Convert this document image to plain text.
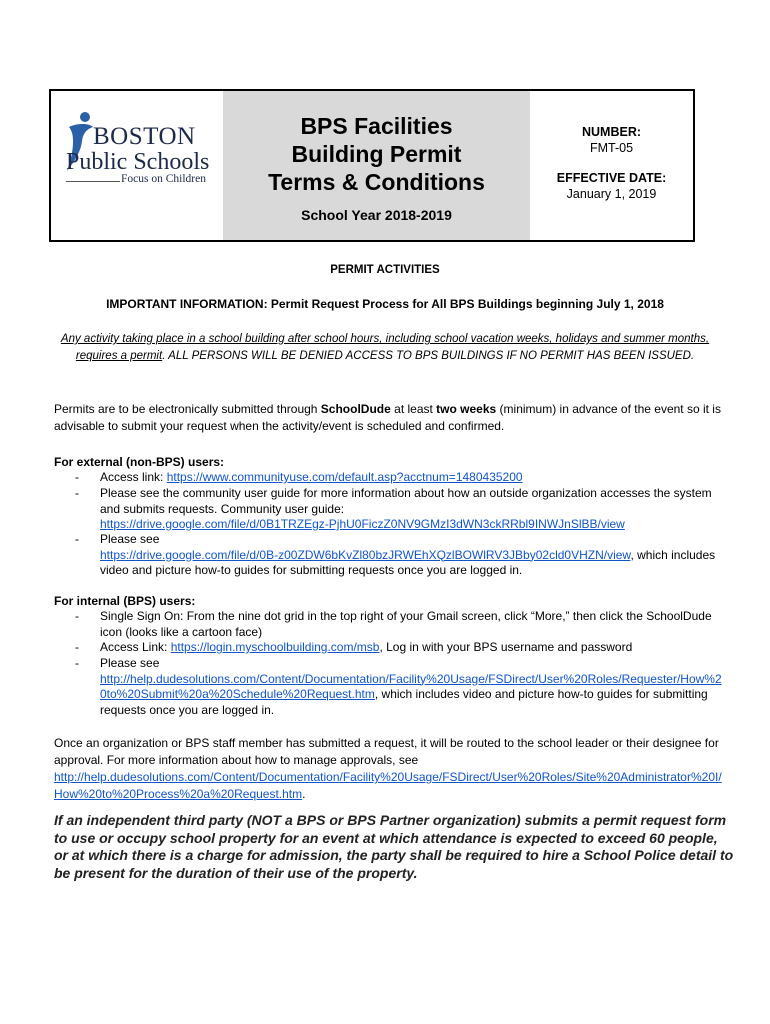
BOSTON
Public Schools
Focus on Children
BPS Facilities
Building Permit
Terms & Conditions
School Year 2018-2019
NUMBER:
FMT-05
EFFECTIVE DATE:
January 1, 2019
PERMIT ACTIVITIES
IMPORTANT INFORMATION: Permit Request Process for All BPS Buildings beginning July 1, 2018
Any activity taking place in a school building after school hours, including school vacation weeks, holidays and summer months, requires a permit. ALL PERSONS WILL BE DENIED ACCESS TO BPS BUILDINGS IF NO PERMIT HAS BEEN ISSUED.
Permits are to be electronically submitted through SchoolDude at least two weeks (minimum) in advance of the event so it is advisable to submit your request when the activity/event is scheduled and confirmed.
For external (non-BPS) users:
- Access link: https://www.communityuse.com/default.asp?acctnum=1480435200
- Please see the community user guide for more information about how an outside organization accesses the system and submits requests. Community user guide:
https://drive.google.com/file/d/0B1TRZEgz-PjhU0FiczZ0NV9GMzI3dWN3ckRRbl9INWJnSlBB/view
- Please see
https://drive.google.com/file/d/0B-z00ZDW6bKvZl80bzJRWEhXQzlBOWlRV3JBby02cld0VHZN/view, which includes video and picture how-to guides for submitting requests once you are logged in.
For internal (BPS) users:
- Single Sign On: From the nine dot grid in the top right of your Gmail screen, click “More,” then click the SchoolDude icon (looks like a cartoon face)
- Access Link: https://login.myschoolbuilding.com/msb, Log in with your BPS username and password
- Please see
http://help.dudesolutions.com/Content/Documentation/Facility%20Usage/FSDirect/User%20Roles/Requester/How%20to%20Submit%20a%20Schedule%20Request.htm, which includes video and picture how-to guides for submitting requests once you are logged in.
Once an organization or BPS staff member has submitted a request, it will be routed to the school leader or their designee for approval. For more information about how to manage approvals, see
http://help.dudesolutions.com/Content/Documentation/Facility%20Usage/FSDirect/User%20Roles/Site%20Administrator%20I/How%20to%20Process%20a%20Request.htm.
If an independent third party (NOT a BPS or BPS Partner organization) submits a permit request form to use or occupy school property for an event at which attendance is expected to exceed 60 people, or at which there is a charge for admission, the party shall be required to hire a School Police detail to be present for the duration of their use of the property.
